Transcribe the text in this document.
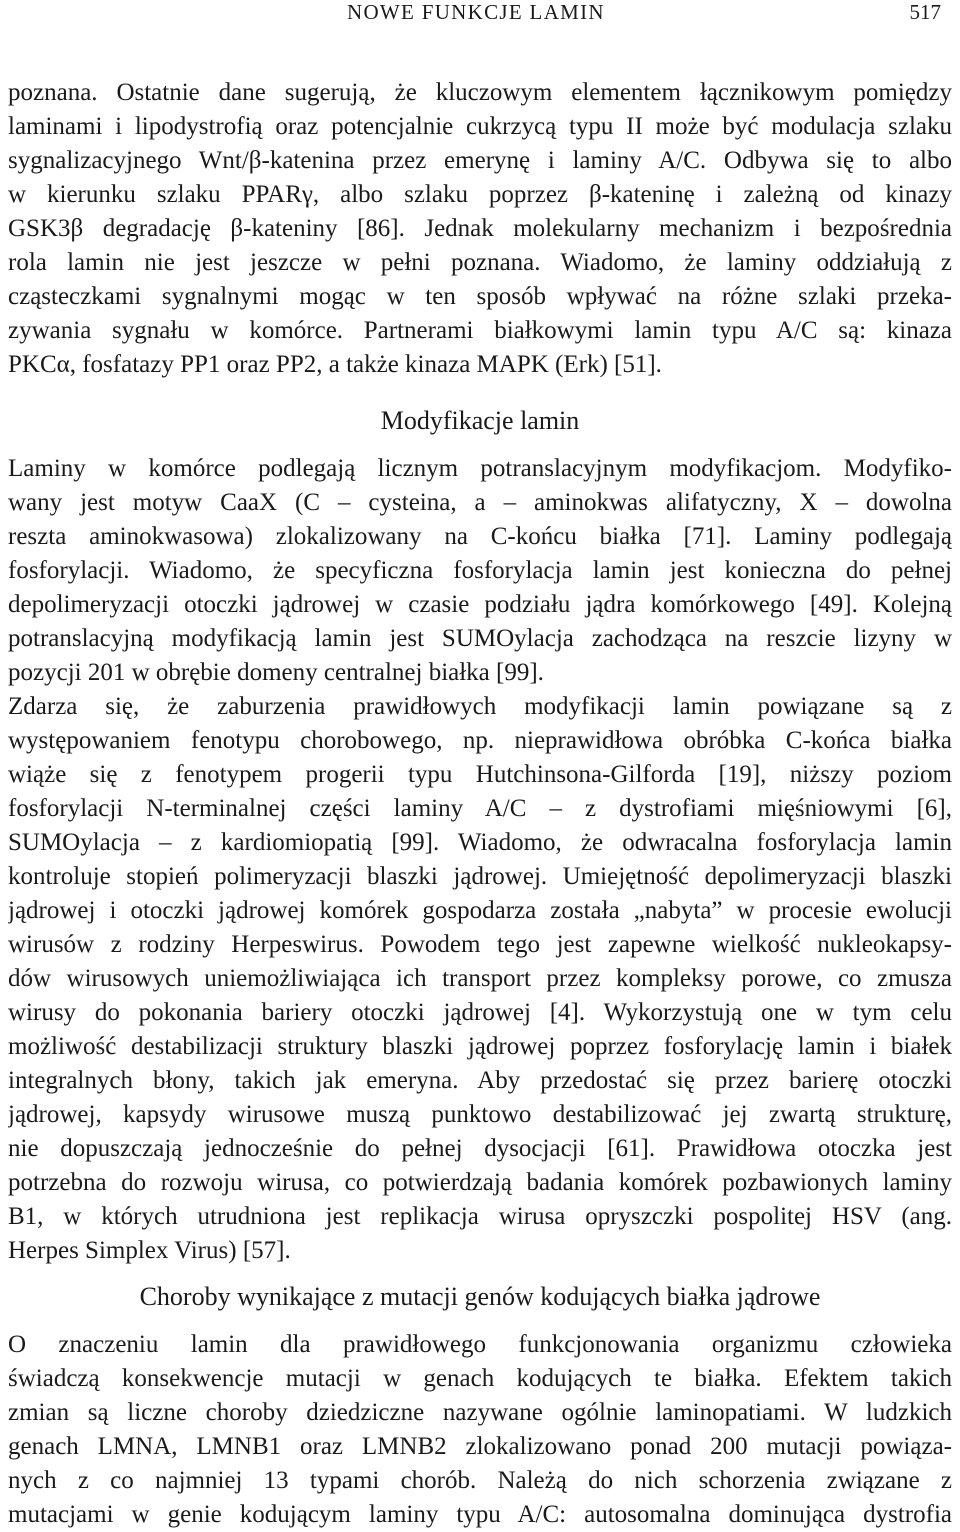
NOWE FUNKCJE LAMIN	517
poznana. Ostatnie dane sugerują, że kluczowym elementem łącznikowym pomiędzy
laminami i lipodystrofią oraz potencjalnie cukrzycą typu II może być modulacja szlaku
sygnalizacyjnego Wnt/β-katenina przez emerynę i laminy A/C. Odbywa się to albo
w kierunku szlaku PPARγ, albo szlaku poprzez β-kateninę i zależną od kinazy
GSK3β degradację β-kateniny [86]. Jednak molekularny mechanizm i bezpośrednia
rola lamin nie jest jeszcze w pełni poznana. Wiadomo, że laminy oddziałują z
cząsteczkami sygnalnymi mogąc w ten sposób wpływać na różne szlaki przeka-
zywania sygnału w komórce. Partnerami białkowymi lamin typu A/C są: kinaza
PKCα, fosfatazy PP1 oraz PP2, a także kinaza MAPK (Erk) [51].
Modyfikacje lamin
Laminy w komórce podlegają licznym potranslacyjnym modyfikacjom. Modyfiko-
wany jest motyw CaaX (C – cysteina, a – aminokwas alifatyczny, X – dowolna
reszta aminokwasowa) zlokalizowany na C-końcu białka [71]. Laminy podlegają
fosforylacji. Wiadomo, że specyficzna fosforylacja lamin jest konieczna do pełnej
depolimeryzacji otoczki jądrowej w czasie podziału jądra komórkowego [49]. Kolejną
potranslacyjną modyfikacją lamin jest SUMOylacja zachodząca na reszcie lizyny w
pozycji 201 w obrębie domeny centralnej białka [99].
Zdarza się, że zaburzenia prawidłowych modyfikacji lamin powiązane są z
występowaniem fenotypu chorobowego, np. nieprawidłowa obróbka C-końca białka
wiąże się z fenotypem progerii typu Hutchinsona-Gilforda [19], niższy poziom
fosforylacji N-terminalnej części laminy A/C – z dystrofiami mięśniowymi [6],
SUMOylacja – z kardiomiopatią [99]. Wiadomo, że odwracalna fosforylacja lamin
kontroluje stopień polimeryzacji blaszki jądrowej. Umiejętność depolimeryzacji blaszki
jądrowej i otoczki jądrowej komórek gospodarza została „nabyta” w procesie ewolucji
wirusów z rodziny Herpeswirus. Powodem tego jest zapewne wielkość nukleokapsy-
dów wirusowych uniemożliwiająca ich transport przez kompleksy porowe, co zmusza
wirusy do pokonania bariery otoczki jądrowej [4]. Wykorzystują one w tym celu
możliwość destabilizacji struktury blaszki jądrowej poprzez fosforylację lamin i białek
integralnych błony, takich jak emeryna. Aby przedostać się przez barierę otoczki
jądrowej, kapsydy wirusowe muszą punktowo destabilizować jej zwartą strukturę,
nie dopuszczają jednocześnie do pełnej dysocjacji [61]. Prawidłowa otoczka jest
potrzebna do rozwoju wirusa, co potwierdzają badania komórek pozbawionych laminy
B1, w których utrudniona jest replikacja wirusa opryszczki pospolitej HSV (ang.
Herpes Simplex Virus) [57].
Choroby wynikające z mutacji genów kodujących białka jądrowe
O znaczeniu lamin dla prawidłowego funkcjonowania organizmu człowieka
świadczą konsekwencje mutacji w genach kodujących te białka. Efektem takich
zmian są liczne choroby dziedziczne nazywane ogólnie laminopatiami. W ludzkich
genach LMNA, LMNB1 oraz LMNB2 zlokalizowano ponad 200 mutacji powiąza-
nych z co najmniej 13 typami chorób. Należą do nich schorzenia związane z
mutacjami w genie kodującym laminy typu A/C: autosomalna dominująca dystrofia
